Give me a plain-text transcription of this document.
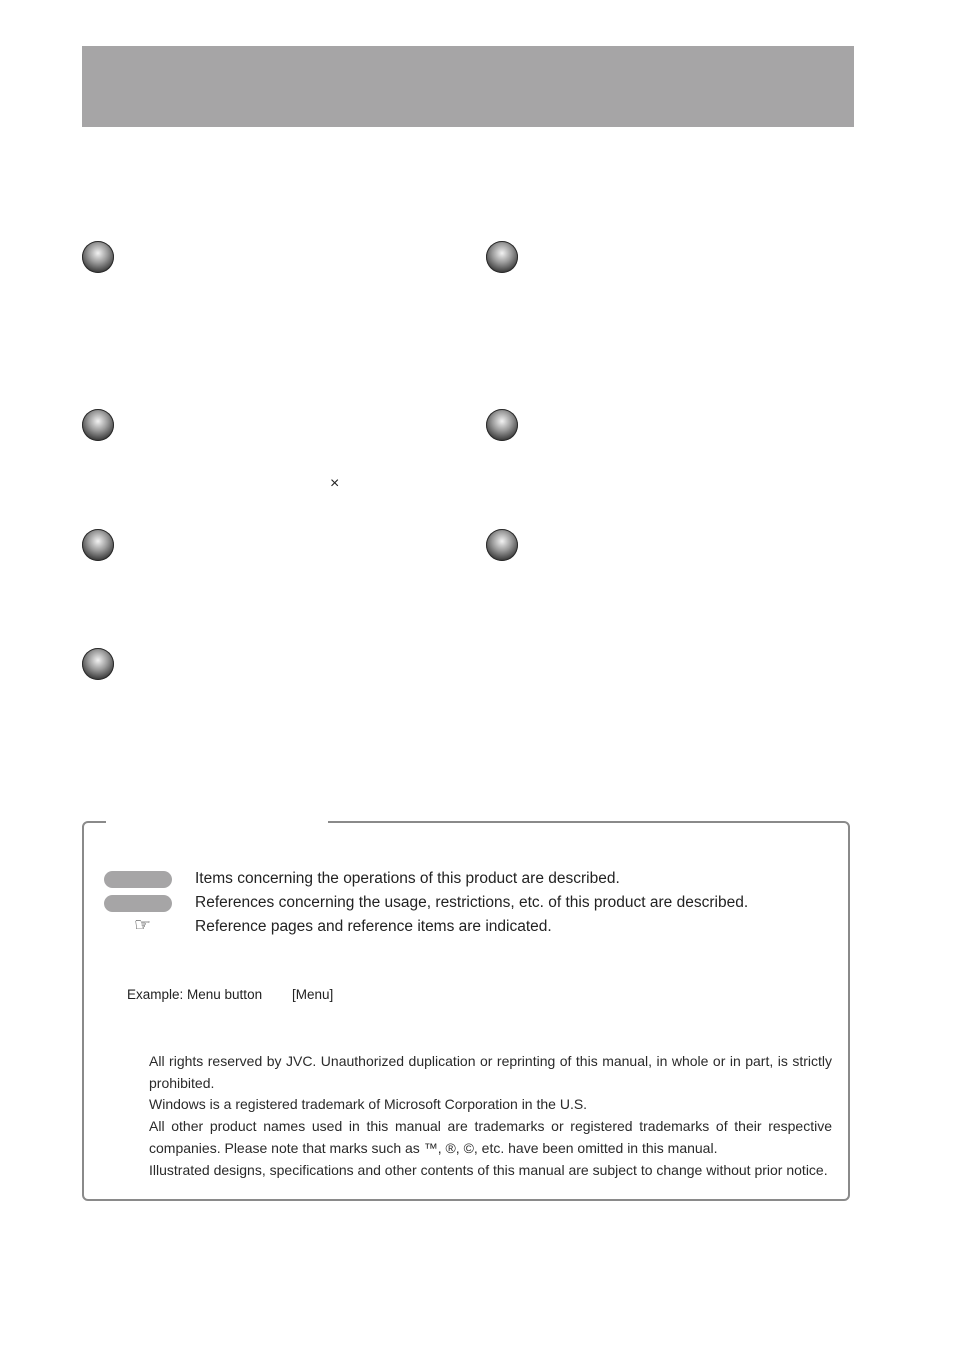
×
☞
Items concerning the operations of this product are described.
References concerning the usage, restrictions, etc. of this product are described.
Reference pages and reference items are indicated.
Example: Menu button [Menu]

All rights reserved by JVC. Unauthorized duplication or reprinting of this manual, in whole or in part, is strictly prohibited.

Windows is a registered trademark of Microsoft Corporation in the U.S.

All other product names used in this manual are trademarks or registered trademarks of their respective companies. Please note that marks such as ™, ®, ©, etc. have been omitted in this manual.

Illustrated designs, specifications and other contents of this manual are subject to change without prior notice.
